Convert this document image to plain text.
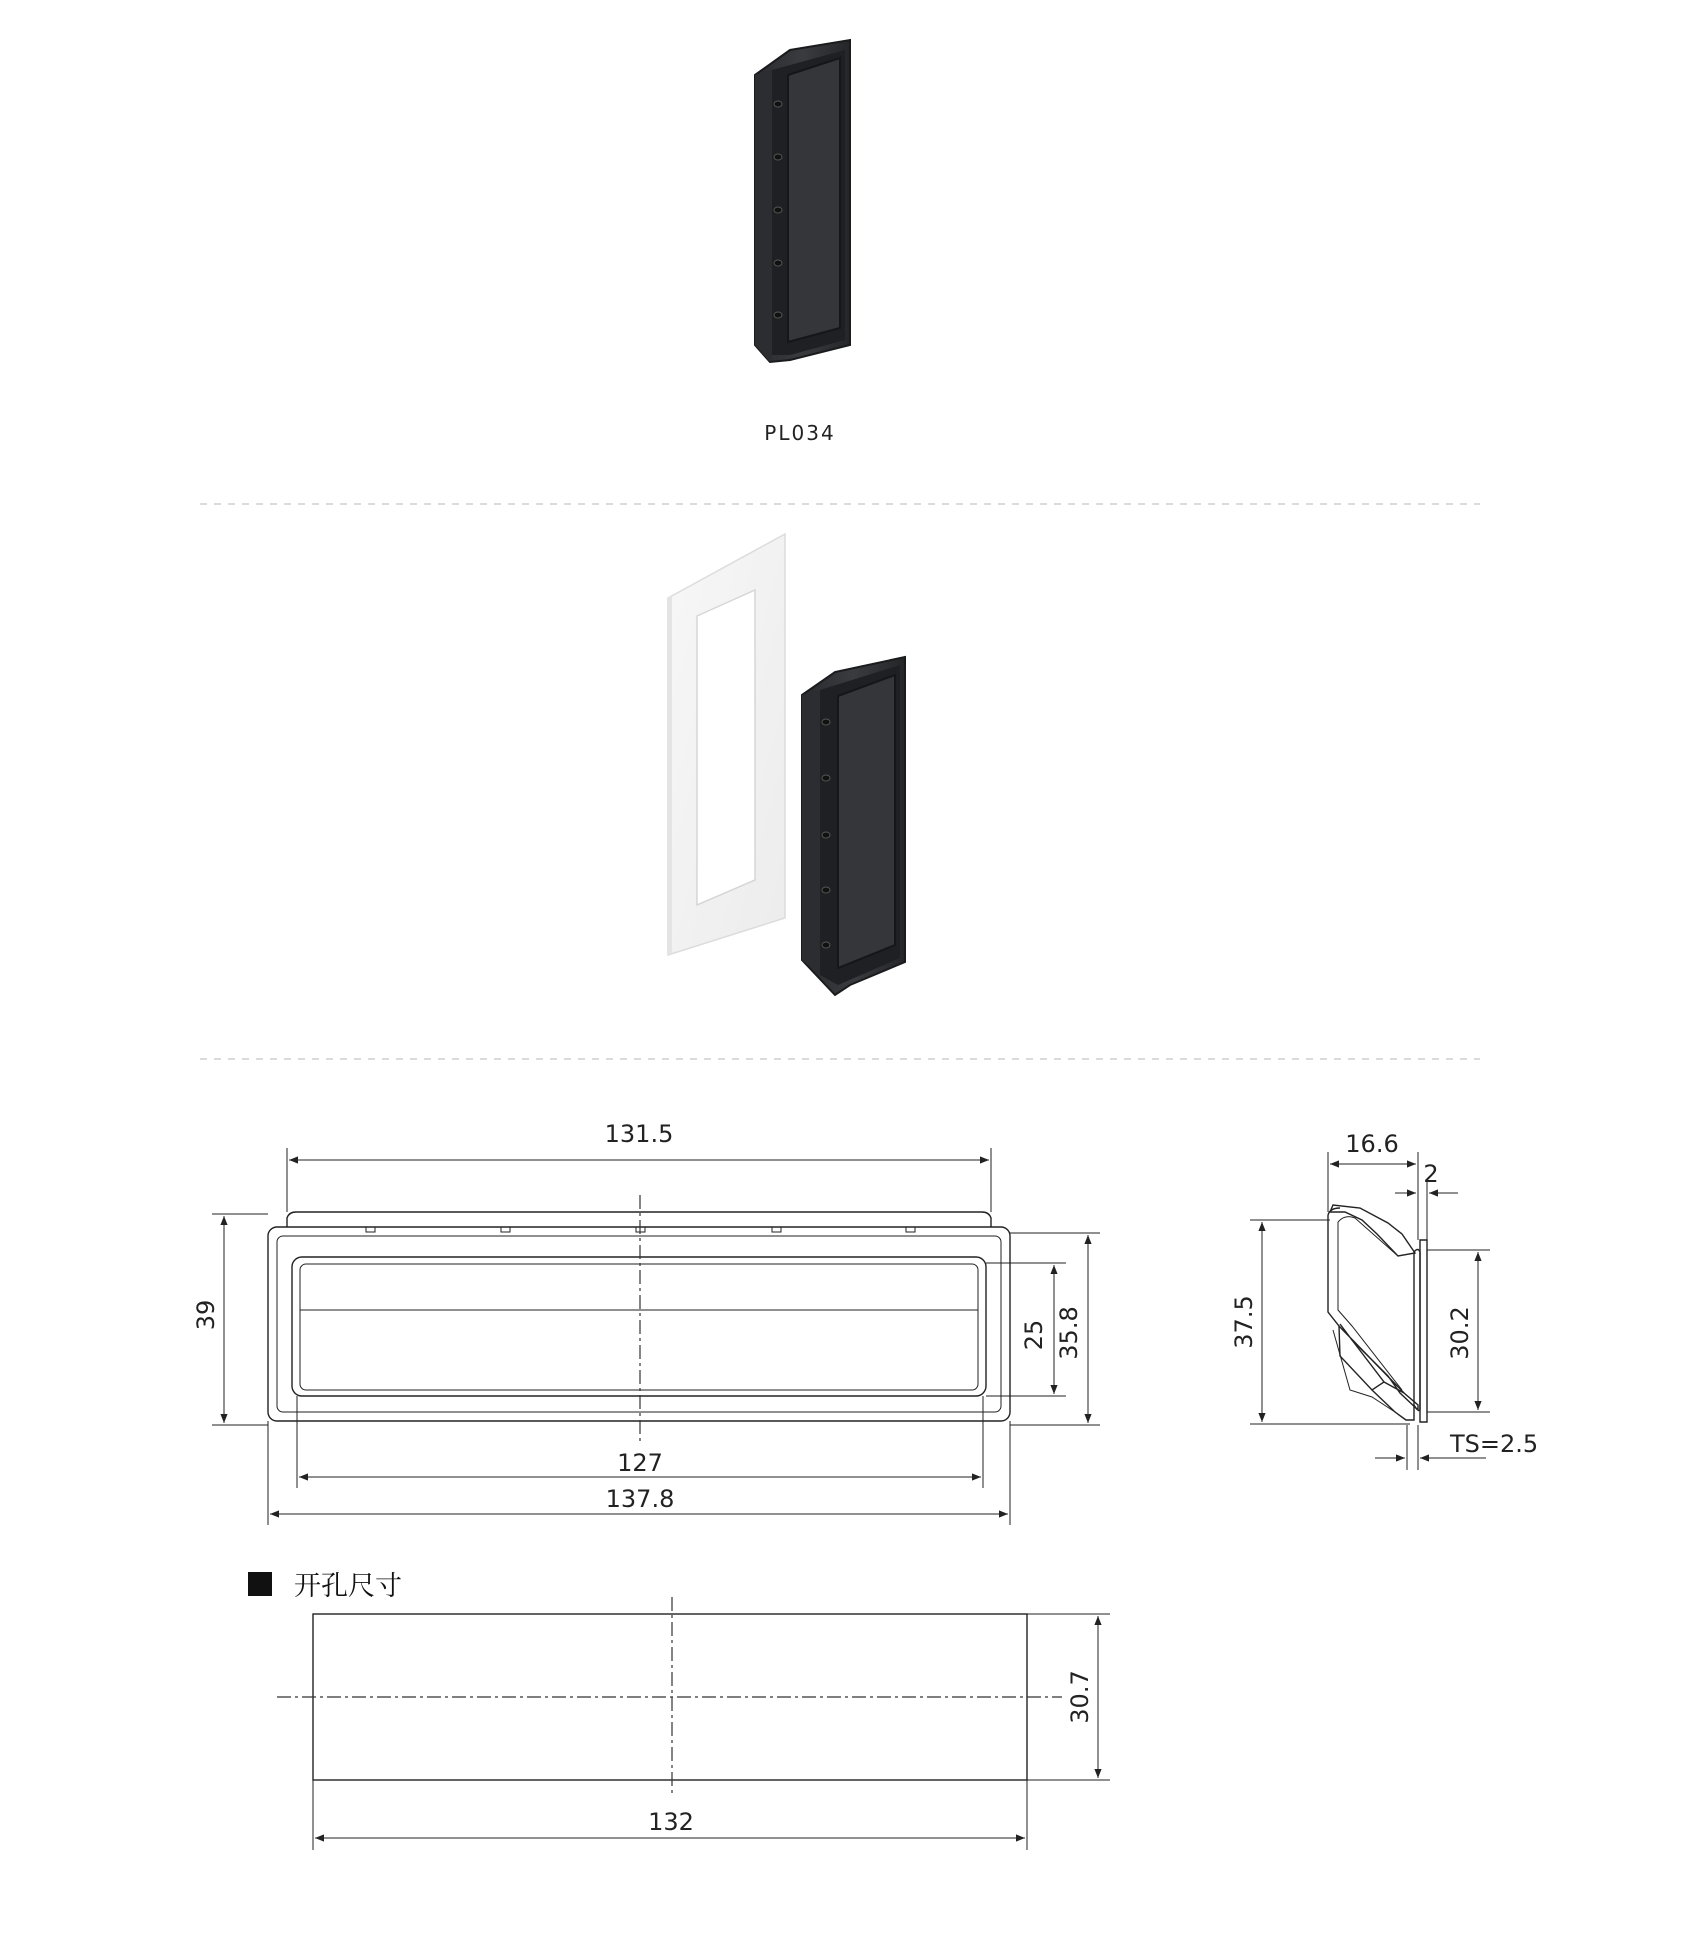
PL034
131.5
39
25 35.8
127
137.8
16.6
2
37.5	30.2
TS=2.5
开孔尺寸
30.7
132
